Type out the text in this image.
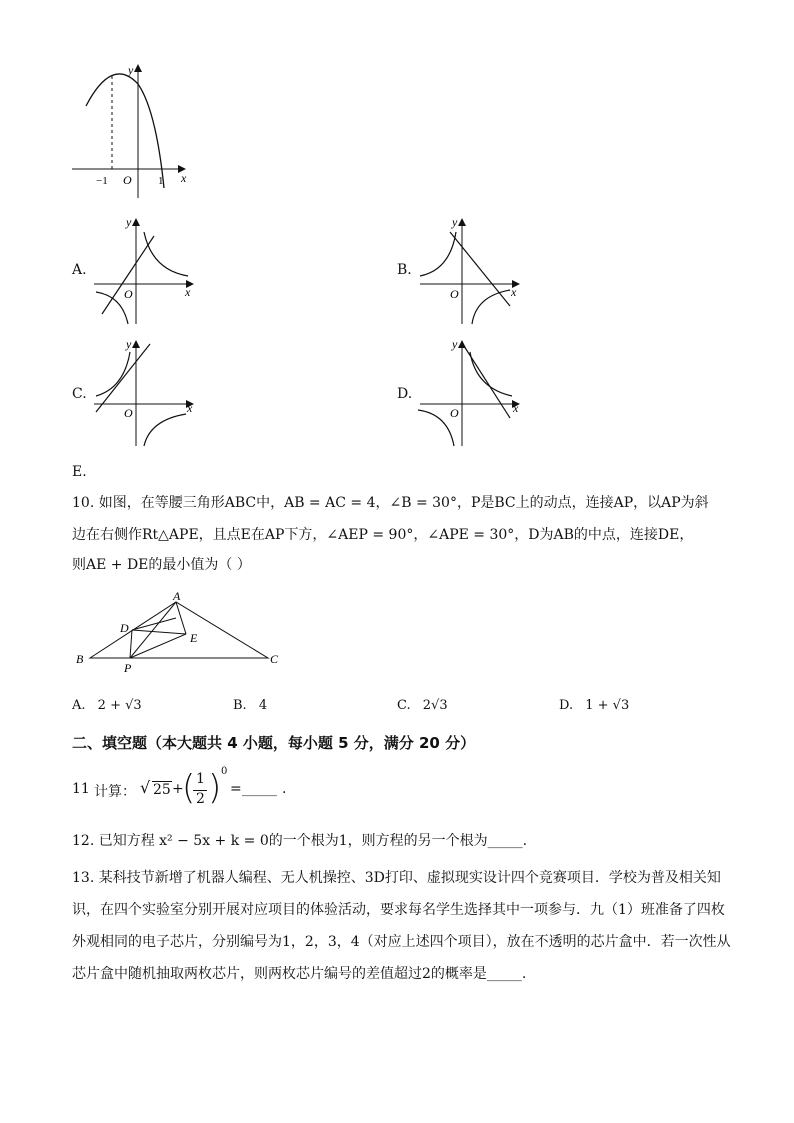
y
x
O
−1	1
A.
y
x
O
B.
y
x
O
C.
y
x
O
D.
y
x
O
E.
10. 如图，在等腰三角形ABC中，AB = AC = 4，∠B = 30°，P是BC上的动点，连接AP，以AP为斜
边在右侧作Rt△APE，且点E在AP下方，∠AEP = 90°，∠APE = 30°，D为AB的中点，连接DE，
则AE + DE的最小值为（ ）
A
B	C
D
E
P
A. 2 + √3	B. 4	C. 2√3	D. 1 + √3
二、填空题（本大题共 4 小题，每小题 5 分，满分 20 分）
11 计算： √ 25 +
( 1
2 ) 0
= _____ .
12. 已知方程 x² − 5x + k = 0的一个根为1，则方程的另一个根为_____.
13. 某科技节新增了机器人编程、无人机操控、3D打印、虚拟现实设计四个竞赛项目．学校为普及相关知
识，在四个实验室分别开展对应项目的体验活动，要求每名学生选择其中一项参与．九（1）班准备了四枚
外观相同的电子芯片，分别编号为1，2，3，4（对应上述四个项目），放在不透明的芯片盒中．若一次性从
芯片盒中随机抽取两枚芯片，则两枚芯片编号的差值超过2的概率是_____.
